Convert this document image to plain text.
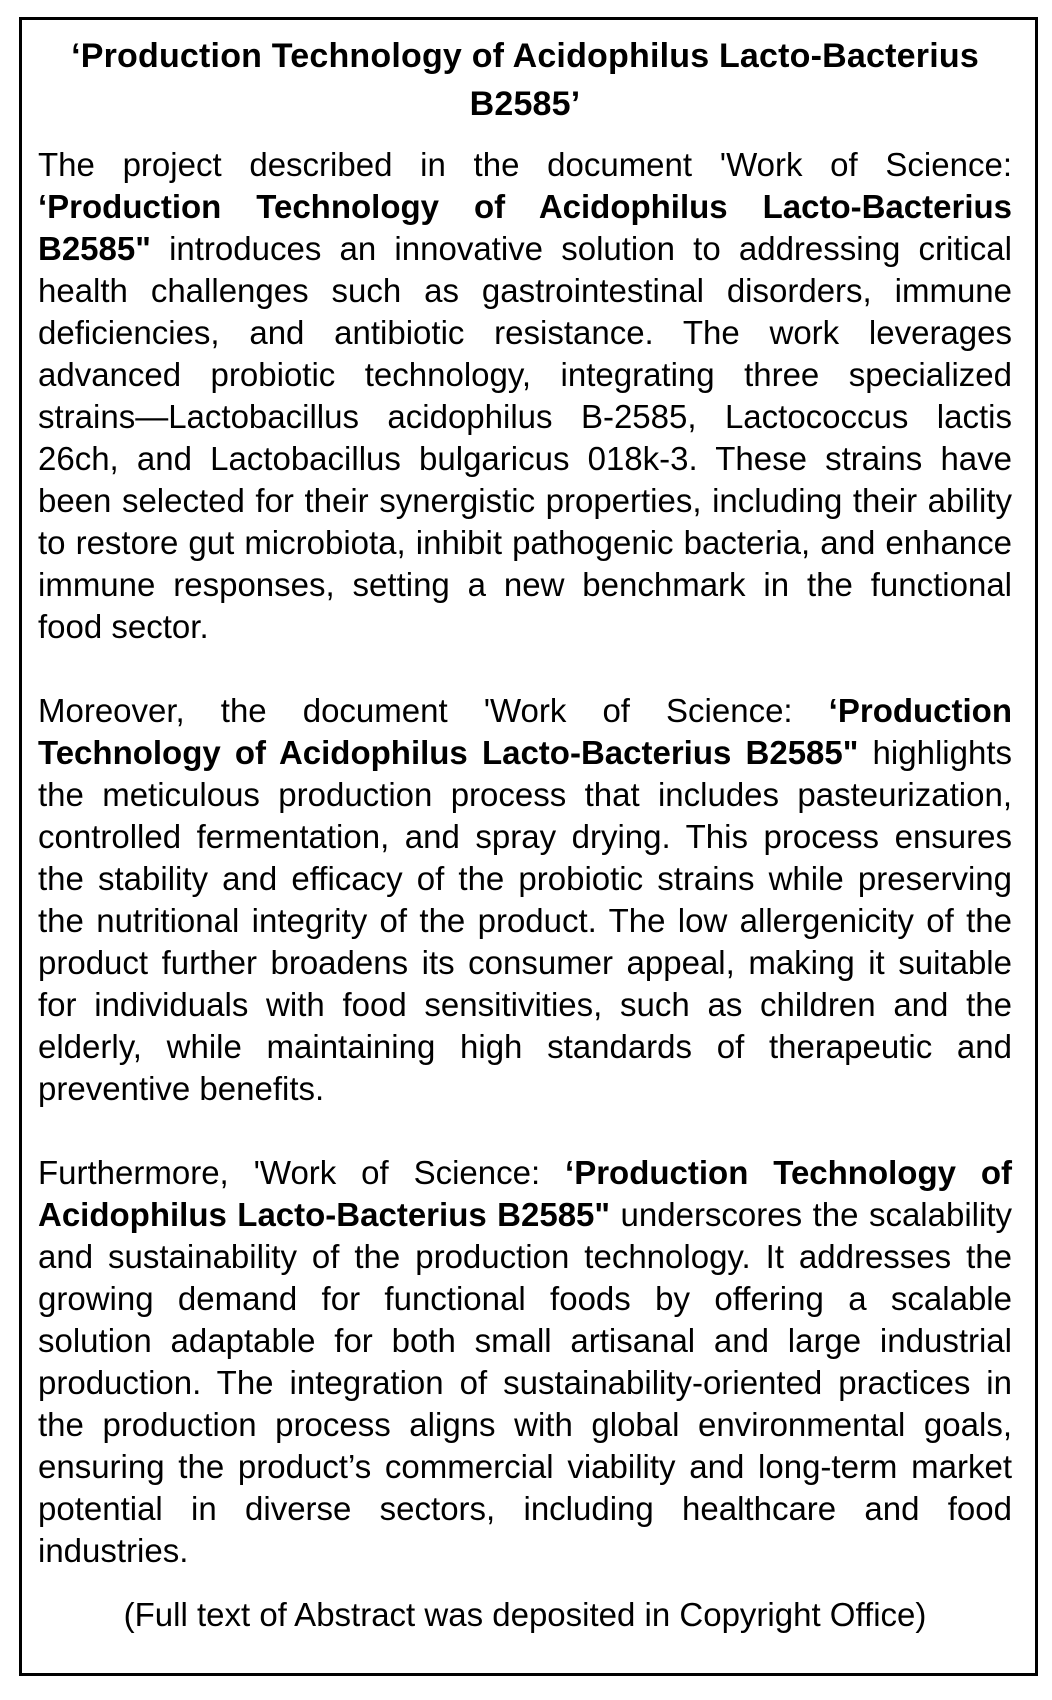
‘Production Technology of Acidophilus Lacto-Bacterius B2585’

The project described in the document 'Work of Science: ‘Production Technology of Acidophilus Lacto-Bacterius B2585" introduces an innovative solution to addressing critical health challenges such as gastrointestinal disorders, immune deficiencies, and antibiotic resistance. The work leverages advanced probiotic technology, integrating three specialized strains—Lactobacillus acidophilus B-2585, Lactococcus lactis 26ch, and Lactobacillus bulgaricus 018k-3. These strains have been selected for their synergistic properties, including their ability to restore gut microbiota, inhibit pathogenic bacteria, and enhance immune responses, setting a new benchmark in the functional food sector.

Moreover, the document 'Work of Science: ‘Production Technology of Acidophilus Lacto-Bacterius B2585" highlights the meticulous production process that includes pasteurization, controlled fermentation, and spray drying. This process ensures the stability and efficacy of the probiotic strains while preserving the nutritional integrity of the product. The low allergenicity of the product further broadens its consumer appeal, making it suitable for individuals with food sensitivities, such as children and the elderly, while maintaining high standards of therapeutic and preventive benefits.

Furthermore, 'Work of Science: ‘Production Technology of Acidophilus Lacto-Bacterius B2585" underscores the scalability and sustainability of the production technology. It addresses the growing demand for functional foods by offering a scalable solution adaptable for both small artisanal and large industrial production. The integration of sustainability-oriented practices in the production process aligns with global environmental goals, ensuring the product’s commercial viability and long-term market potential in diverse sectors, including healthcare and food industries.

(Full text of Abstract was deposited in Copyright Office)
